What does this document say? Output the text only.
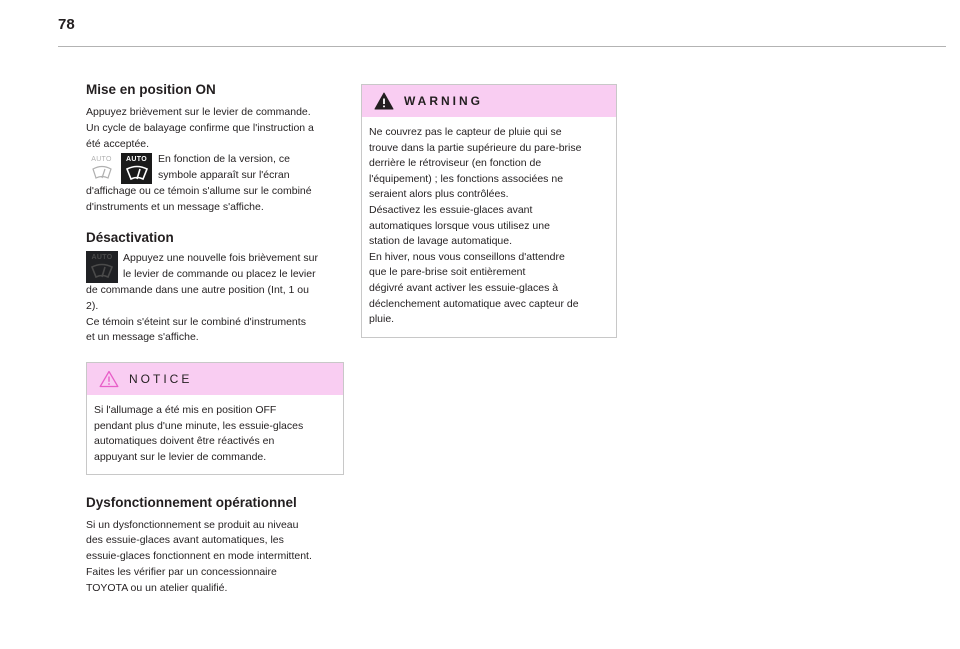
78
Mise en position ON

Appuyez brièvement sur le levier de commande.

Un cycle de balayage confirme que l'instruction a

été acceptée.

AUTO AUTO En fonction de la version, ce

symbole apparaît sur l'écran

d'affichage ou ce témoin s'allume sur le combiné

d'instruments et un message s'affiche.

Désactivation
AUTO Appuyez une nouvelle fois brièvement sur

le levier de commande ou placez le levier

de commande dans une autre position (Int, 1 ou

2).

Ce témoin s'éteint sur le combiné d'instruments

et un message s'affiche.

NOTICE

Si l'allumage a été mis en position OFF

pendant plus d'une minute, les essuie-glaces

automatiques doivent être réactivés en

appuyant sur le levier de commande.

Dysfonctionnement opérationnel

Si un dysfonctionnement se produit au niveau

des essuie-glaces avant automatiques, les

essuie-glaces fonctionnent en mode intermittent.

Faites les vérifier par un concessionnaire

TOYOTA ou un atelier qualifié.

WARNING

Ne couvrez pas le capteur de pluie qui se

trouve dans la partie supérieure du pare-brise

derrière le rétroviseur (en fonction de

l'équipement) ; les fonctions associées ne

seraient alors plus contrôlées.

Désactivez les essuie-glaces avant

automatiques lorsque vous utilisez une

station de lavage automatique.

En hiver, nous vous conseillons d'attendre

que le pare-brise soit entièrement

dégivré avant activer les essuie-glaces à

déclenchement automatique avec capteur de

pluie.
